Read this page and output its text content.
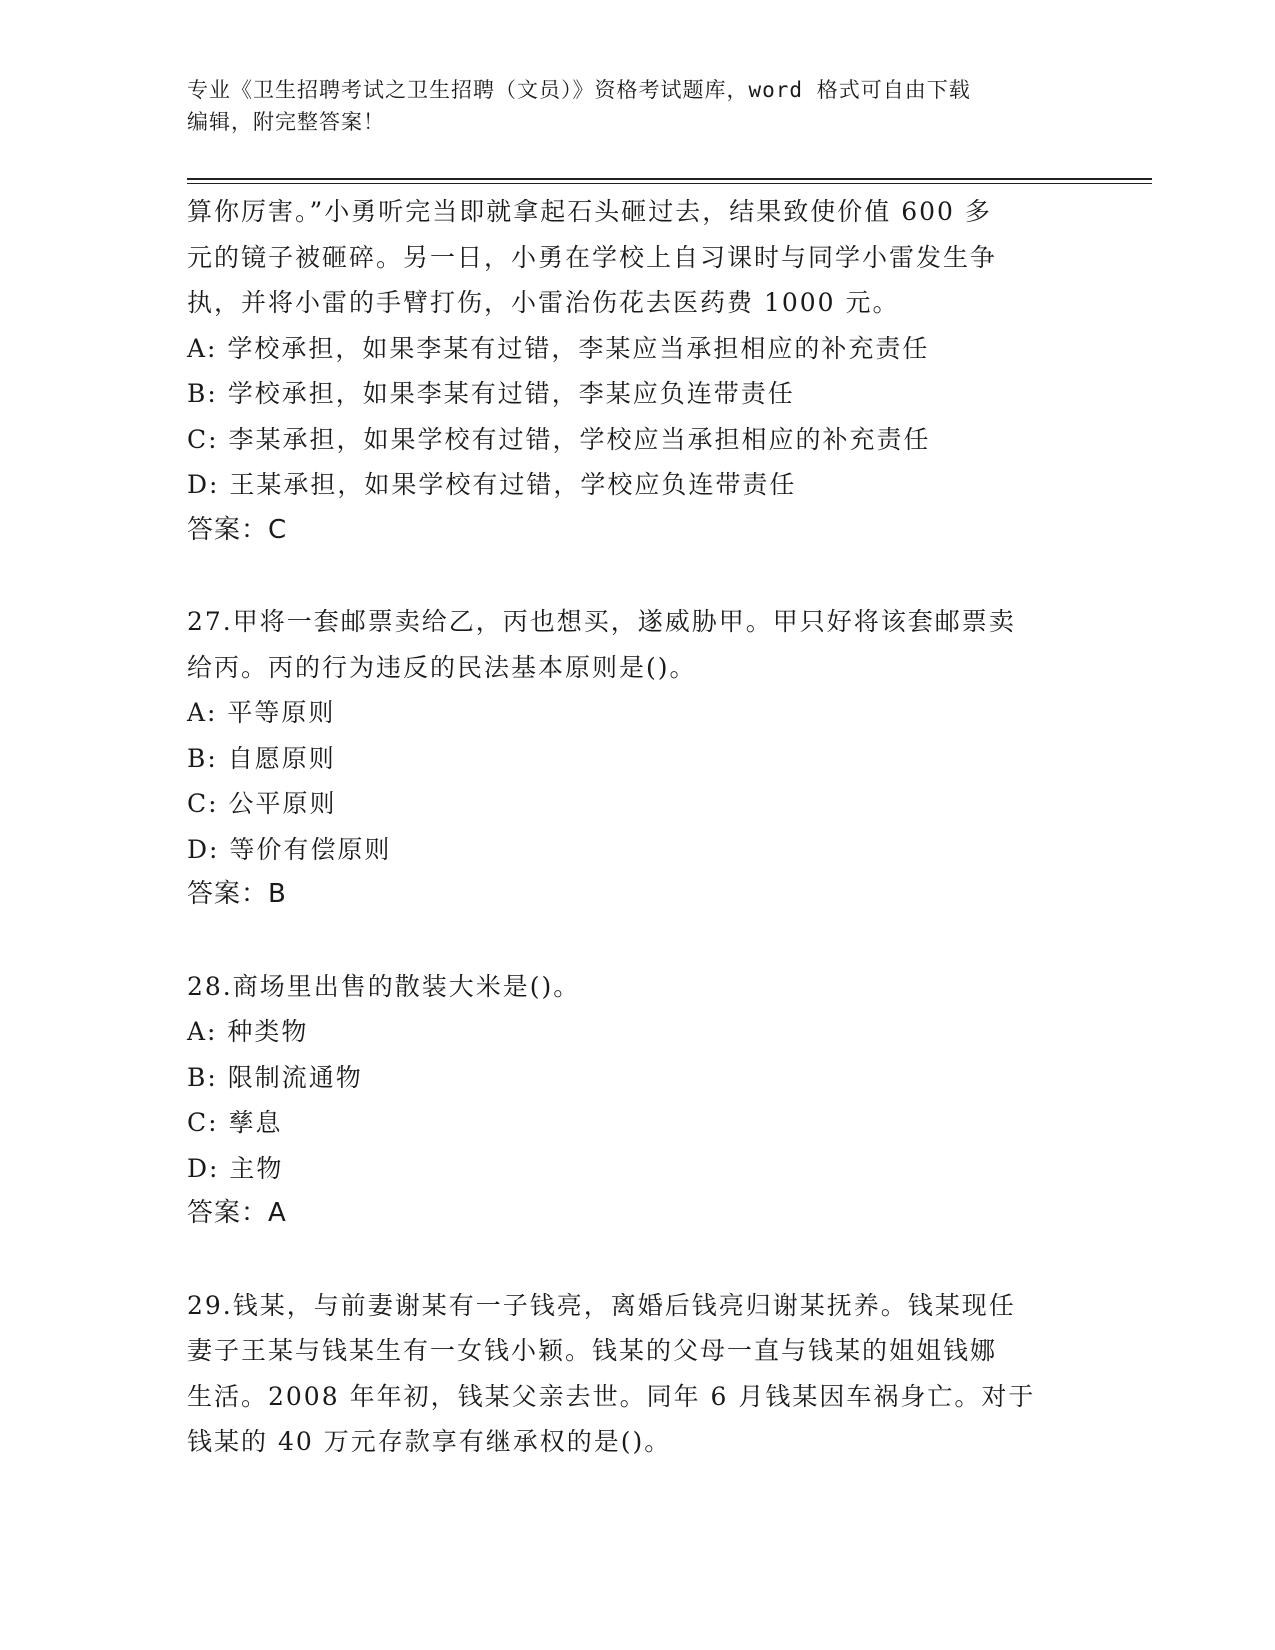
专业《卫生招聘考试之卫生招聘（文员）》资格考试题库，word 格式可自由下载
编辑，附完整答案！

算你厉害。”小勇听完当即就拿起石头砸过去，结果致使价值 600 多

元的镜子被砸碎。另一日，小勇在学校上自习课时与同学小雷发生争

执，并将小雷的手臂打伤，小雷治伤花去医药费 1000 元。

A: 学校承担，如果李某有过错，李某应当承担相应的补充责任

B: 学校承担，如果李某有过错，李某应负连带责任

C: 李某承担，如果学校有过错，学校应当承担相应的补充责任

D: 王某承担，如果学校有过错，学校应负连带责任

答案：C

27.甲将一套邮票卖给乙，丙也想买，遂威胁甲。甲只好将该套邮票卖

给丙。丙的行为违反的民法基本原则是()。

A: 平等原则

B: 自愿原则

C: 公平原则

D: 等价有偿原则

答案：B

28.商场里出售的散装大米是()。

A: 种类物

B: 限制流通物

C: 孳息

D: 主物

答案：A

29.钱某，与前妻谢某有一子钱亮，离婚后钱亮归谢某抚养。钱某现任

妻子王某与钱某生有一女钱小颖。钱某的父母一直与钱某的姐姐钱娜

生活。2008 年年初，钱某父亲去世。同年 6 月钱某因车祸身亡。对于

钱某的 40 万元存款享有继承权的是()。
